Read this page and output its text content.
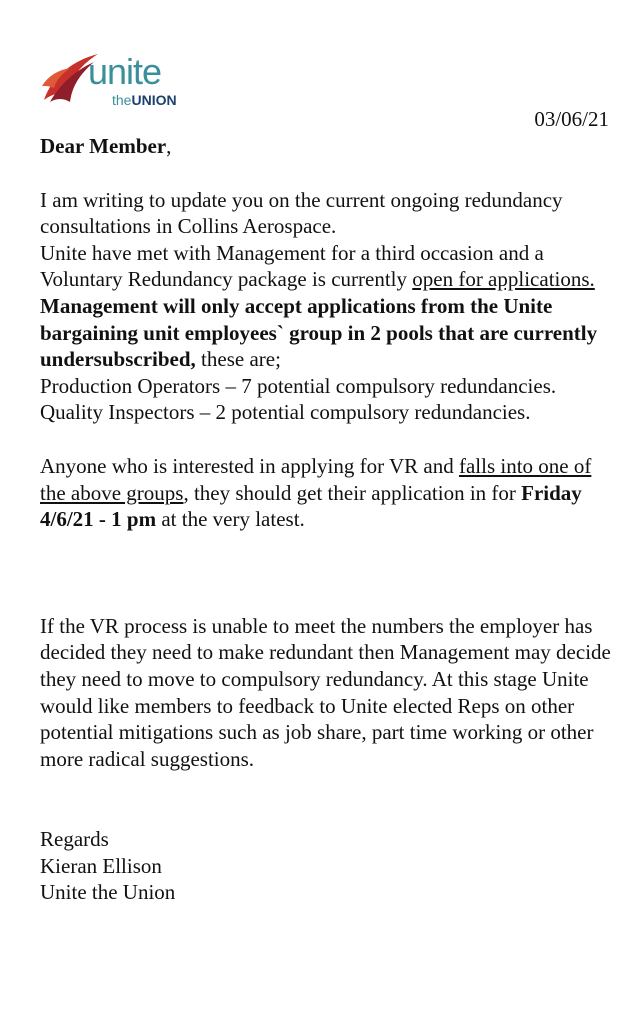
unite
theUNION
03/06/21

Dear Member,

I am writing to update you on the current ongoing redundancy consultations in Collins Aerospace.

Unite have met with Management for a third occasion and a Voluntary Redundancy package is currently open for applications.

Management will only accept applications from the Unite bargaining unit employees` group in 2 pools that are currently undersubscribed, these are;

Production Operators – 7 potential compulsory redundancies.

Quality Inspectors – 2 potential compulsory redundancies.

Anyone who is interested in applying for VR and falls into one of the above groups, they should get their application in for Friday 4/6/21 - 1 pm at the very latest.

If the VR process is unable to meet the numbers the employer has decided they need to make redundant then Management may decide they need to move to compulsory redundancy. At this stage Unite would like members to feedback to Unite elected Reps on other potential mitigations such as job share, part time working or other more radical suggestions.

Regards

Kieran Ellison

Unite the Union
